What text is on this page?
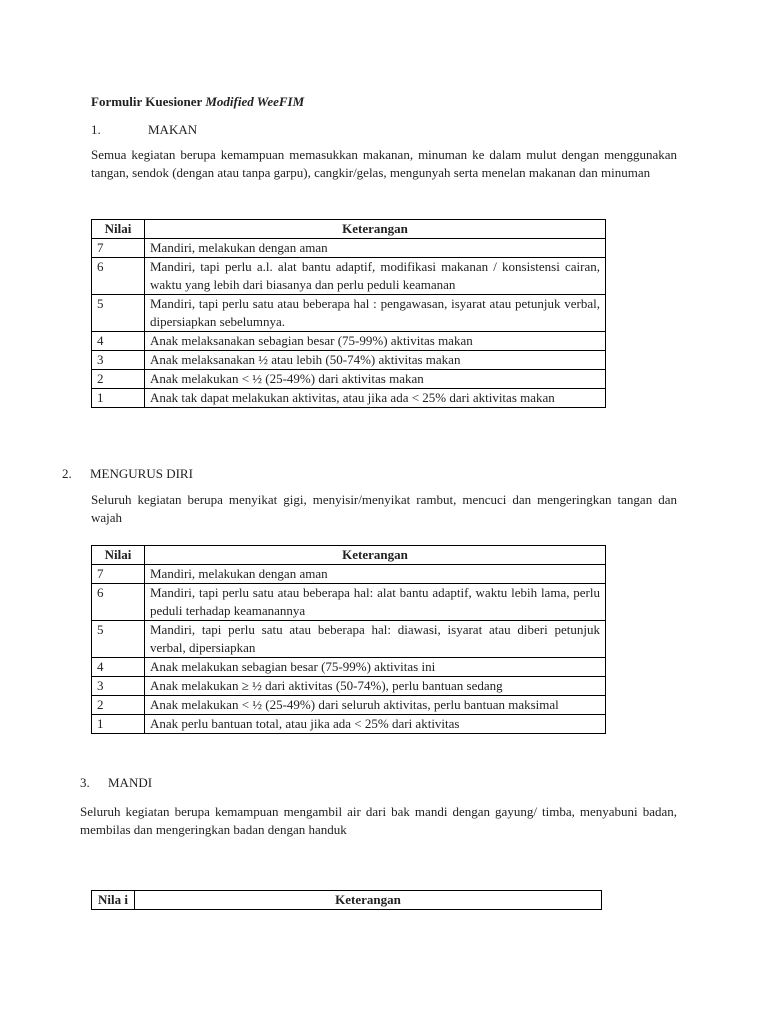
Formulir Kuesioner Modified WeeFIM
1.	MAKAN
Semua kegiatan berupa kemampuan memasukkan makanan, minuman ke dalam mulut dengan menggunakan tangan, sendok (dengan atau tanpa garpu), cangkir/gelas, mengunyah serta menelan makanan dan minuman
Nilai	Keterangan
7	Mandiri, melakukan dengan aman
6	Mandiri, tapi perlu a.l. alat bantu adaptif, modifikasi makanan / konsistensi cairan, waktu yang lebih dari biasanya dan perlu peduli keamanan
5	Mandiri, tapi perlu satu atau beberapa hal : pengawasan, isyarat atau petunjuk verbal, dipersiapkan sebelumnya.
4	Anak melaksanakan sebagian besar (75-99%) aktivitas makan
3	Anak melaksanakan ½ atau lebih (50-74%) aktivitas makan
2	Anak melakukan < ½ (25-49%) dari aktivitas makan
1	Anak tak dapat melakukan aktivitas, atau jika ada < 25% dari aktivitas makan
2. MENGURUS DIRI
Seluruh kegiatan berupa menyikat gigi, menyisir/menyikat rambut, mencuci dan mengeringkan tangan dan wajah
Nilai	Keterangan
7	Mandiri, melakukan dengan aman
6	Mandiri, tapi perlu satu atau beberapa hal: alat bantu adaptif, waktu lebih lama, perlu peduli terhadap keamanannya
5	Mandiri, tapi perlu satu atau beberapa hal: diawasi, isyarat atau diberi petunjuk verbal, dipersiapkan
4	Anak melakukan sebagian besar (75-99%) aktivitas ini
3	Anak melakukan ≥ ½ dari aktivitas (50-74%), perlu bantuan sedang
2	Anak melakukan < ½ (25-49%) dari seluruh aktivitas, perlu bantuan maksimal
1	Anak perlu bantuan total, atau jika ada < 25% dari aktivitas
3. MANDI
Seluruh kegiatan berupa kemampuan mengambil air dari bak mandi dengan gayung/ timba, menyabuni badan, membilas dan mengeringkan badan dengan handuk
Nila i	Keterangan
